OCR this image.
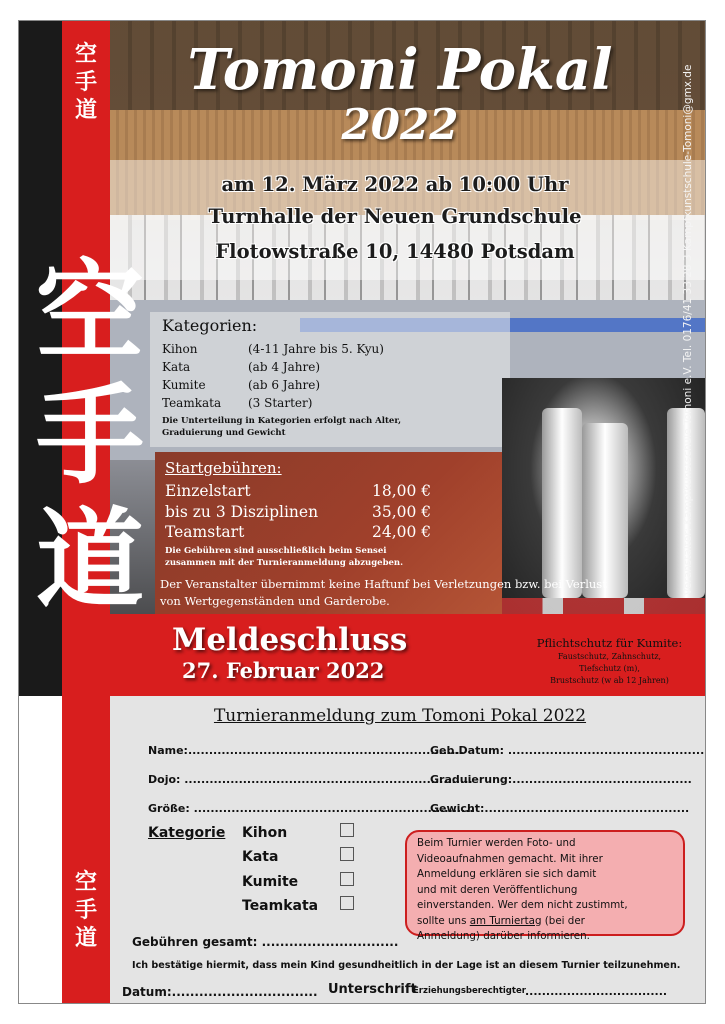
空
手
道
空
手
道
空
手
道
Veranstalter: Kampfkunstschule Tomoni e.V. Tel. 0176/41 33 28 3 Kampfkunstschule-Tomoni@gmx.de
Tomoni Pokal
2022
am 12. März 2022 ab 10:00 Uhr
Turnhalle der Neuen Grundschule
Flotowstraße 10, 14480 Potsdam
Kategorien:
Kihon	(4-11 Jahre bis 5. Kyu)
Kata	(ab 4 Jahre)
Kumite	(ab 6 Jahre)
Teamkata (3 Starter)
Die Unterteilung in Kategorien erfolgt nach Alter,
Graduierung und Gewicht
Startgebühren:
Einzelstart	18,00 €
bis zu 3 Disziplinen	35,00 €
Teamstart	24,00 €
Die Gebühren sind ausschließlich beim Sensei
zusammen mit der Turnieranmeldung abzugeben.
Der Veranstalter übernimmt keine Haftunf bei Verletzungen bzw. bei Verlust
von Wertgegenständen und Garderobe.
Meldeschluss
27. Februar 2022
Pflichtschutz für Kumite:
Faustschutz, Zahnschutz,
Tiefschutz (m),
Brustschutz (w ab 12 Jahren)
Turnieranmeldung zum Tomoni Pokal 2022
Name:..................................................................
Geb.Datum: ...............................................
Dojo: .....................................................................
Graduierung:...........................................
Größe: ...................................................................
Gewicht:.................................................
Kategorie Kihon
Kata
Kumite
Teamkata
Beim Turnier werden Foto- und
Videoaufnahmen gemacht. Mit ihrer
Anmeldung erklären sie sich damit
und mit deren Veröffentlichung
einverstanden. Wer dem nicht zustimmt,
sollte uns am Turniertag (bei der
Anmeldung) darüber informieren.
Gebühren gesamt: ..............................
Ich bestätige hiermit, dass mein Kind gesundheitlich in der Lage ist an diesem Turnier teilzunehmen.
Datum:................................ Unterschrift
Erziehungsberechtigter ..................................
